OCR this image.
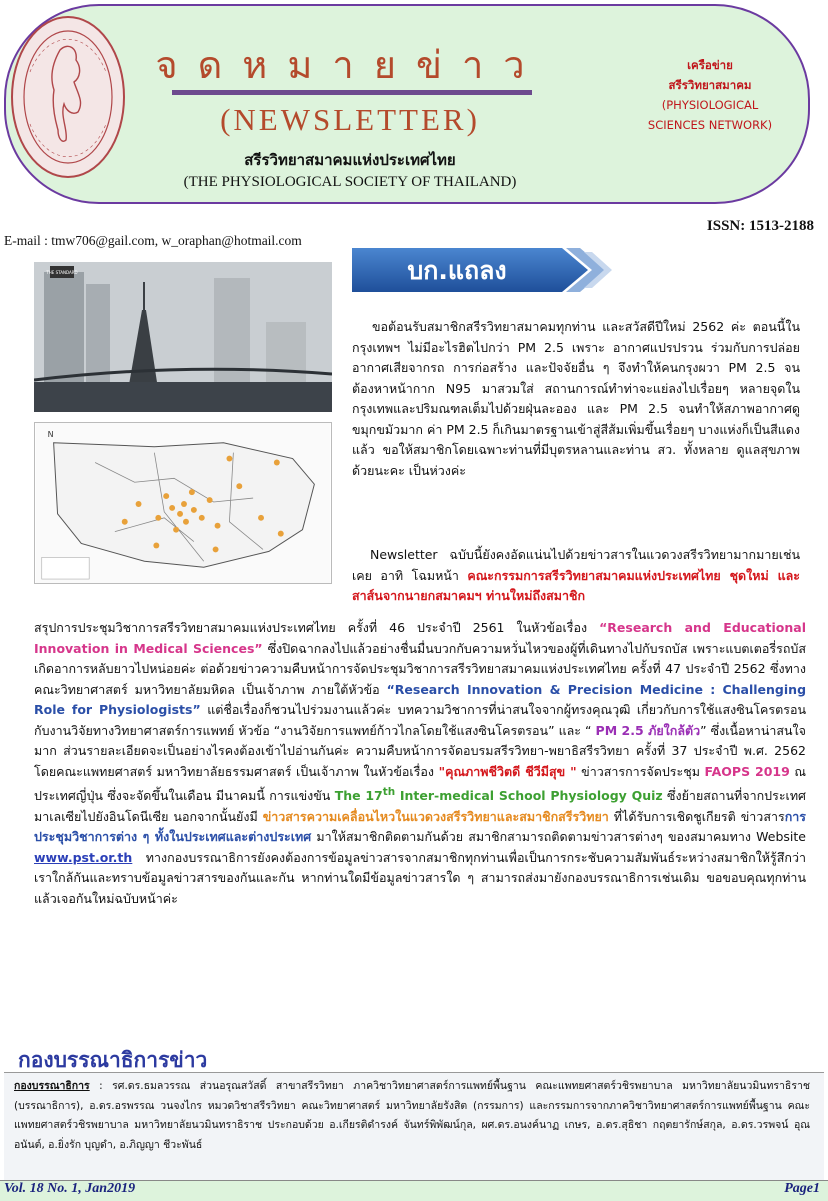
จดหมายข่าว
(NEWSLETTER)
สรีรวิทยาสมาคมแห่งประเทศไทย
(THE PHYSIOLOGICAL SOCIETY OF THAILAND)
เครือข่าย
สรีรวิทยาสมาคม
(PHYSIOLOGICAL
SCIENCES NETWORK)
ISSN: 1513-2188
E-mail : tmw706@gail.com, w_oraphan@hotmail.com
THE STANDARD
N
บก.แถลง

ขอต้อนรับสมาชิกสรีรวิทยาสมาคมทุกท่าน และสวัสดีปีใหม่ 2562 ค่ะ ตอนนี้ในกรุงเทพฯ ไม่มีอะไรฮิตไปกว่า PM 2.5 เพราะ อากาศแปรปรวน ร่วมกับการปล่อยอากาศเสียจากรถ การก่อสร้าง และปัจจัยอื่น ๆ จึงทำให้คนกรุงผวา PM 2.5 จนต้องหาหน้ากาก N95 มาสวมใส่ สถานการณ์ทำท่าจะแย่ลงไปเรื่อยๆ หลายจุดในกรุงเทพและปริมณฑลเต็มไปด้วยฝุ่นละออง และ PM 2.5 จนทำให้สภาพอากาศดูขมุกขมัวมาก ค่า PM 2.5 ก็เกินมาตรฐานเข้าสู่สีส้มเพิ่มขึ้นเรื่อยๆ บางแห่งก็เป็นสีแดงแล้ว ขอให้สมาชิกโดยเฉพาะท่านที่มีบุตรหลานและท่าน สว. ทั้งหลาย ดูแลสุขภาพด้วยนะคะ เป็นห่วงค่ะ

Newsletter ฉบับนี้ยังคงอัดแน่นไปด้วยข่าวสารในแวดวงสรีรวิทยามากมายเช่นเคย อาทิ โฉมหน้า คณะกรรมการสรีรวิทยาสมาคมแห่งประเทศไทย ชุดใหม่ และสาส์นจากนายกสมาคมฯ ท่านใหม่ถึงสมาชิก

สรุปการประชุมวิชาการสรีรวิทยาสมาคมแห่งประเทศไทย ครั้งที่ 46 ประจำปี 2561 ในหัวข้อเรื่อง “Research and Educational Innovation in Medical Sciences” ซึ่งปิดฉากลงไปแล้วอย่างชื่นมื่นบวกกับความหวั่นไหวของผู้ที่เดินทางไปกับรถบัส เพราะแบตเตอรี่รถบัสเกิดอาการหลับยาวไปหน่อยค่ะ ต่อด้วยข่าวความคืบหน้าการจัดประชุมวิชาการสรีรวิทยาสมาคมแห่งประเทศไทย ครั้งที่ 47 ประจำปี 2562 ซึ่งทางคณะวิทยาศาสตร์ มหาวิทยาลัยมหิดล เป็นเจ้าภาพ ภายใต้หัวข้อ “Research Innovation & Precision Medicine : Challenging Role for Physiologists” แต่ชื่อเรื่องก็ชวนไปร่วมงานแล้วค่ะ บทความวิชาการที่น่าสนใจจากผู้ทรงคุณวุฒิ เกี่ยวกับการใช้แสงซินโครตรอนกับงานวิจัยทางวิทยาศาสตร์การแพทย์ หัวข้อ “งานวิจัยการแพทย์ก้าวไกลโดยใช้แสงซินโครตรอน” และ “ PM 2.5 ภัยใกล้ตัว” ซึ่งเนื้อหาน่าสนใจมาก ส่วนรายละเอียดจะเป็นอย่างไรคงต้องเข้าไปอ่านกันค่ะ ความคืบหน้าการจัดอบรมสรีรวิทยา-พยาธิสรีรวิทยา ครั้งที่ 37 ประจำปี พ.ศ. 2562 โดยคณะแพทยศาสตร์ มหาวิทยาลัยธรรมศาสตร์ เป็นเจ้าภาพ ในหัวข้อเรื่อง "คุณภาพชีวิตดี ชีวีมีสุข " ข่าวสารการจัดประชุม FAOPS 2019 ณ ประเทศญี่ปุ่น ซึ่งจะจัดขึ้นในเดือน มีนาคมนี้ การแข่งขัน The 17th Inter-medical School Physiology Quiz ซึ่งย้ายสถานที่จากประเทศมาเลเซียไปยังอินโดนีเซีย นอกจากนั้นยังมี ข่าวสารความเคลื่อนไหวในแวดวงสรีรวิทยาและสมาชิกสรีรวิทยา ที่ได้รับการเชิดชูเกียรติ ข่าวสารการประชุมวิชาการต่าง ๆ ทั้งในประเทศและต่างประเทศ มาให้สมาชิกติดตามกันด้วย สมาชิกสามารถติดตามข่าวสารต่างๆ ของสมาคมทาง Website www.pst.or.th ทางกองบรรณาธิการยังคงต้องการข้อมูลข่าวสารจากสมาชิกทุกท่านเพื่อเป็นการกระชับความสัมพันธ์ระหว่างสมาชิกให้รู้สึกว่าเราใกล้กันและทราบข้อมูลข่าวสารของกันและกัน หากท่านใดมีข้อมูลข่าวสารใด ๆ สามารถส่งมายังกองบรรณาธิการเช่นเดิม ขอขอบคุณทุกท่านแล้วเจอกันใหม่ฉบับหน้าค่ะ

กองบรรณาธิการข่าว
กองบรรณาธิการ : รศ.ดร.ธมลวรรณ ส่วนอรุณสวัสดิ์ สาขาสรีรวิทยา ภาควิชาวิทยาศาสตร์การแพทย์พื้นฐาน คณะแพทยศาสตร์วชิรพยาบาล มหาวิทยาลัยนวมินทราธิราช (บรรณาธิการ), อ.ดร.อรพรรณ วนจงไกร หมวดวิชาสรีรวิทยา คณะวิทยาศาสตร์ มหาวิทยาลัยรังสิต (กรรมการ) และกรรมการจากภาควิชาวิทยาศาสตร์การแพทย์พื้นฐาน คณะแพทยศาสตร์วชิรพยาบาล มหาวิทยาลัยนวมินทราธิราช ประกอบด้วย อ.เกียรติดำรงค์ จันทร์พิพัฒน์กุล, ผศ.ดร.อนงค์นาฏ เกษร, อ.ดร.สุธิชา กฤตยารักษ์สกุล, อ.ดร.วรพจน์ อุณอนันต์, อ.ยิ่งรัก บุญดำ, อ.ภิญญา ชีวะพันธ์
Vol. 18 No. 1, Jan2019	Page1
